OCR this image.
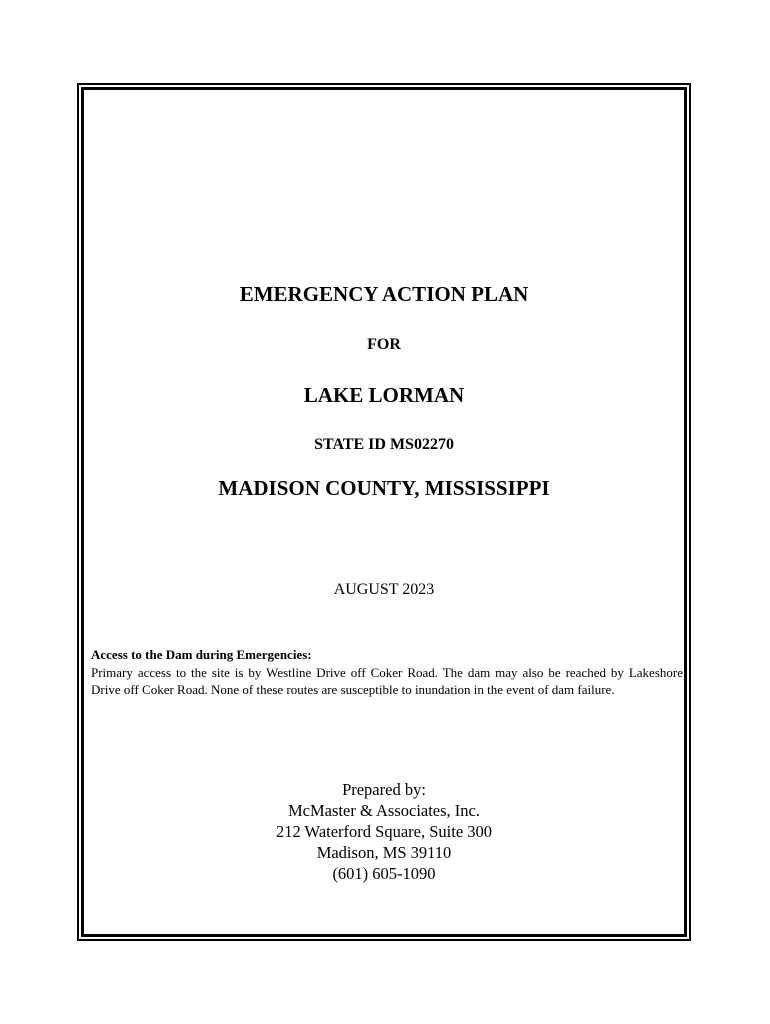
EMERGENCY ACTION PLAN
FOR
LAKE LORMAN
STATE ID MS02270
MADISON COUNTY, MISSISSIPPI
AUGUST 2023
Access to the Dam during Emergencies:
Primary access to the site is by Westline Drive off Coker Road. The dam may also be reached by Lakeshore Drive off Coker Road. None of these routes are susceptible to inundation in the event of dam failure.
Prepared by:
McMaster & Associates, Inc.
212 Waterford Square, Suite 300
Madison, MS 39110
(601) 605-1090
